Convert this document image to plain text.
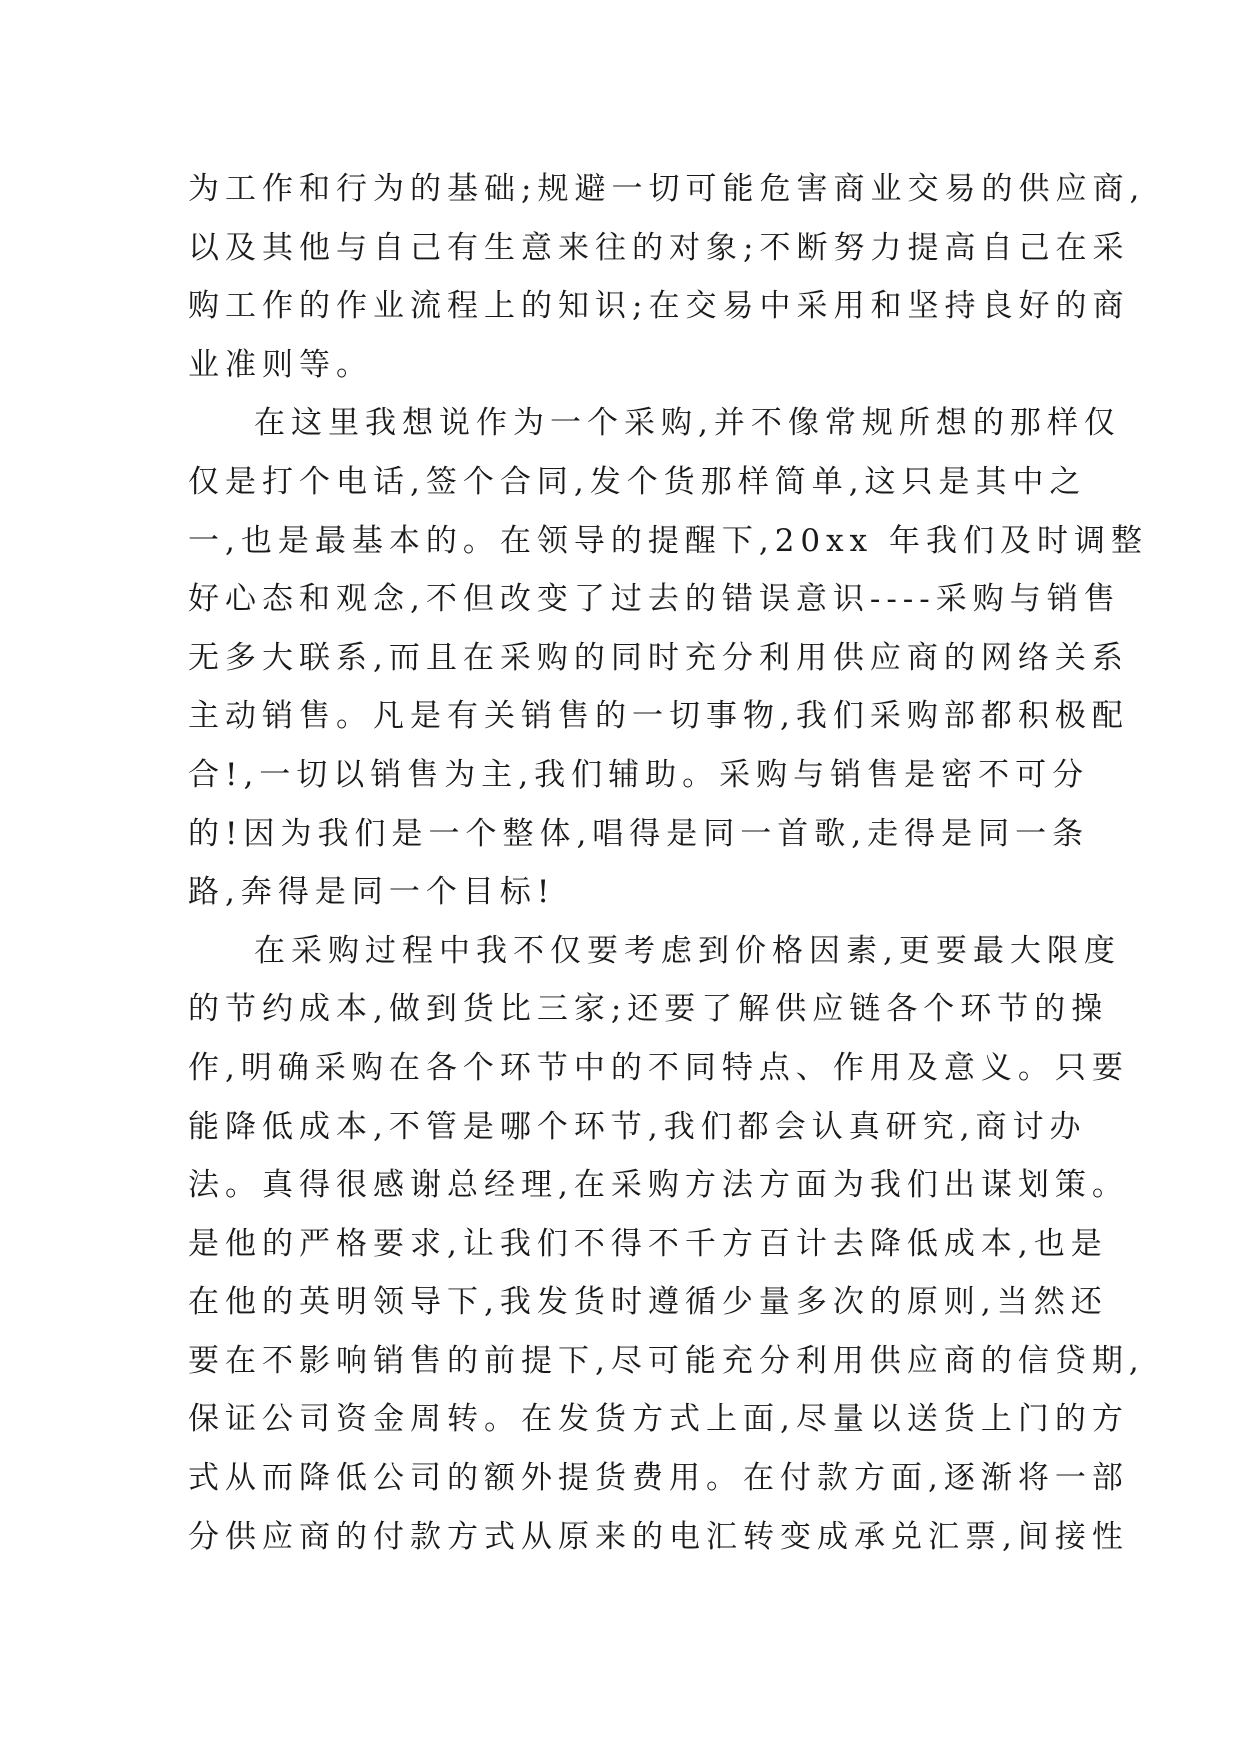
为工作和行为的基础;规避一切可能危害商业交易的供应商,
以及其他与自己有生意来往的对象;不断努力提高自己在采
购工作的作业流程上的知识;在交易中采用和坚持良好的商
业准则等。
在这里我想说作为一个采购,并不像常规所想的那样仅
仅是打个电话,签个合同,发个货那样简单,这只是其中之
一,也是最基本的。在领导的提醒下,20xx 年我们及时调整
好心态和观念,不但改变了过去的错误意识----采购与销售
无多大联系,而且在采购的同时充分利用供应商的网络关系
主动销售。凡是有关销售的一切事物,我们采购部都积极配
合!,一切以销售为主,我们辅助。采购与销售是密不可分
的!因为我们是一个整体,唱得是同一首歌,走得是同一条
路,奔得是同一个目标!
在采购过程中我不仅要考虑到价格因素,更要最大限度
的节约成本,做到货比三家;还要了解供应链各个环节的操
作,明确采购在各个环节中的不同特点、作用及意义。只要
能降低成本,不管是哪个环节,我们都会认真研究,商讨办
法。真得很感谢总经理,在采购方法方面为我们出谋划策。
是他的严格要求,让我们不得不千方百计去降低成本,也是
在他的英明领导下,我发货时遵循少量多次的原则,当然还
要在不影响销售的前提下,尽可能充分利用供应商的信贷期,
保证公司资金周转。在发货方式上面,尽量以送货上门的方
式从而降低公司的额外提货费用。在付款方面,逐渐将一部
分供应商的付款方式从原来的电汇转变成承兑汇票,间接性
